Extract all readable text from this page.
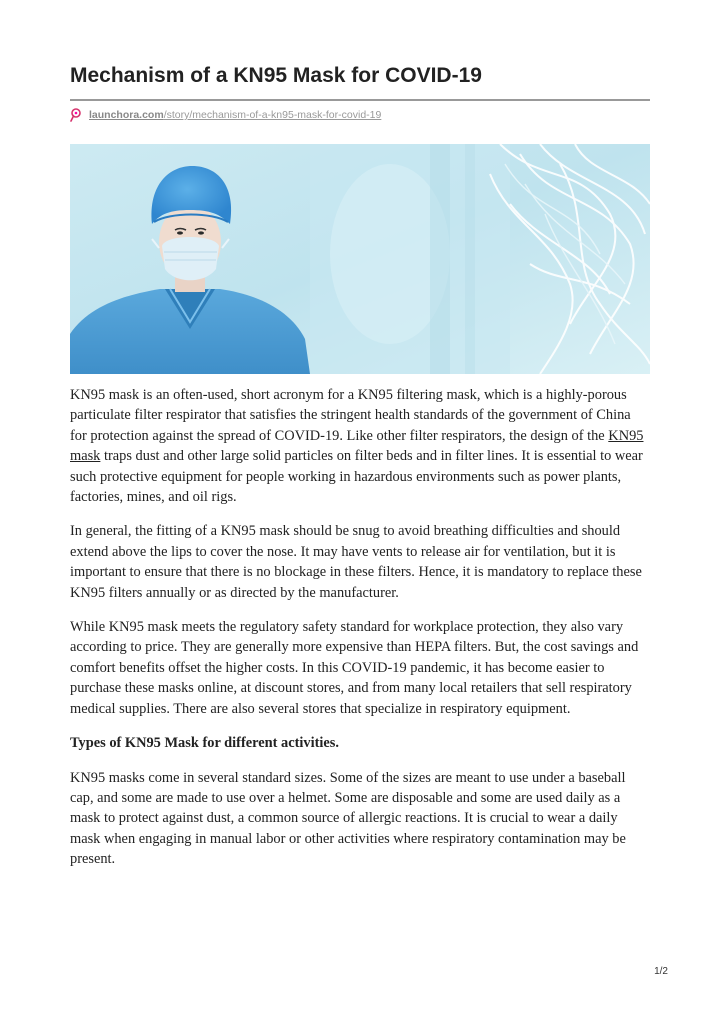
Mechanism of a KN95 Mask for COVID-19
launchora.com /story/mechanism-of-a-kn95-mask-for-covid-19

KN95 mask is an often-used, short acronym for a KN95 filtering mask, which is a highly-porous particulate filter respirator that satisfies the stringent health standards of the government of China for protection against the spread of COVID-19. Like other filter respirators, the design of the KN95 mask traps dust and other large solid particles on filter beds and in filter lines. It is essential to wear such protective equipment for people working in hazardous environments such as power plants, factories, mines, and oil rigs.

In general, the fitting of a KN95 mask should be snug to avoid breathing difficulties and should extend above the lips to cover the nose. It may have vents to release air for ventilation, but it is important to ensure that there is no blockage in these filters. Hence, it is mandatory to replace these KN95 filters annually or as directed by the manufacturer.

While KN95 mask meets the regulatory safety standard for workplace protection, they also vary according to price. They are generally more expensive than HEPA filters. But, the cost savings and comfort benefits offset the higher costs. In this COVID-19 pandemic, it has become easier to purchase these masks online, at discount stores, and from many local retailers that sell respiratory medical supplies. There are also several stores that specialize in respiratory equipment.

Types of KN95 Mask for different activities.

KN95 masks come in several standard sizes. Some of the sizes are meant to use under a baseball cap, and some are made to use over a helmet. Some are disposable and some are used daily as a mask to protect against dust, a common source of allergic reactions. It is crucial to wear a daily mask when engaging in manual labor or other activities where respiratory contamination may be present.

1/2
